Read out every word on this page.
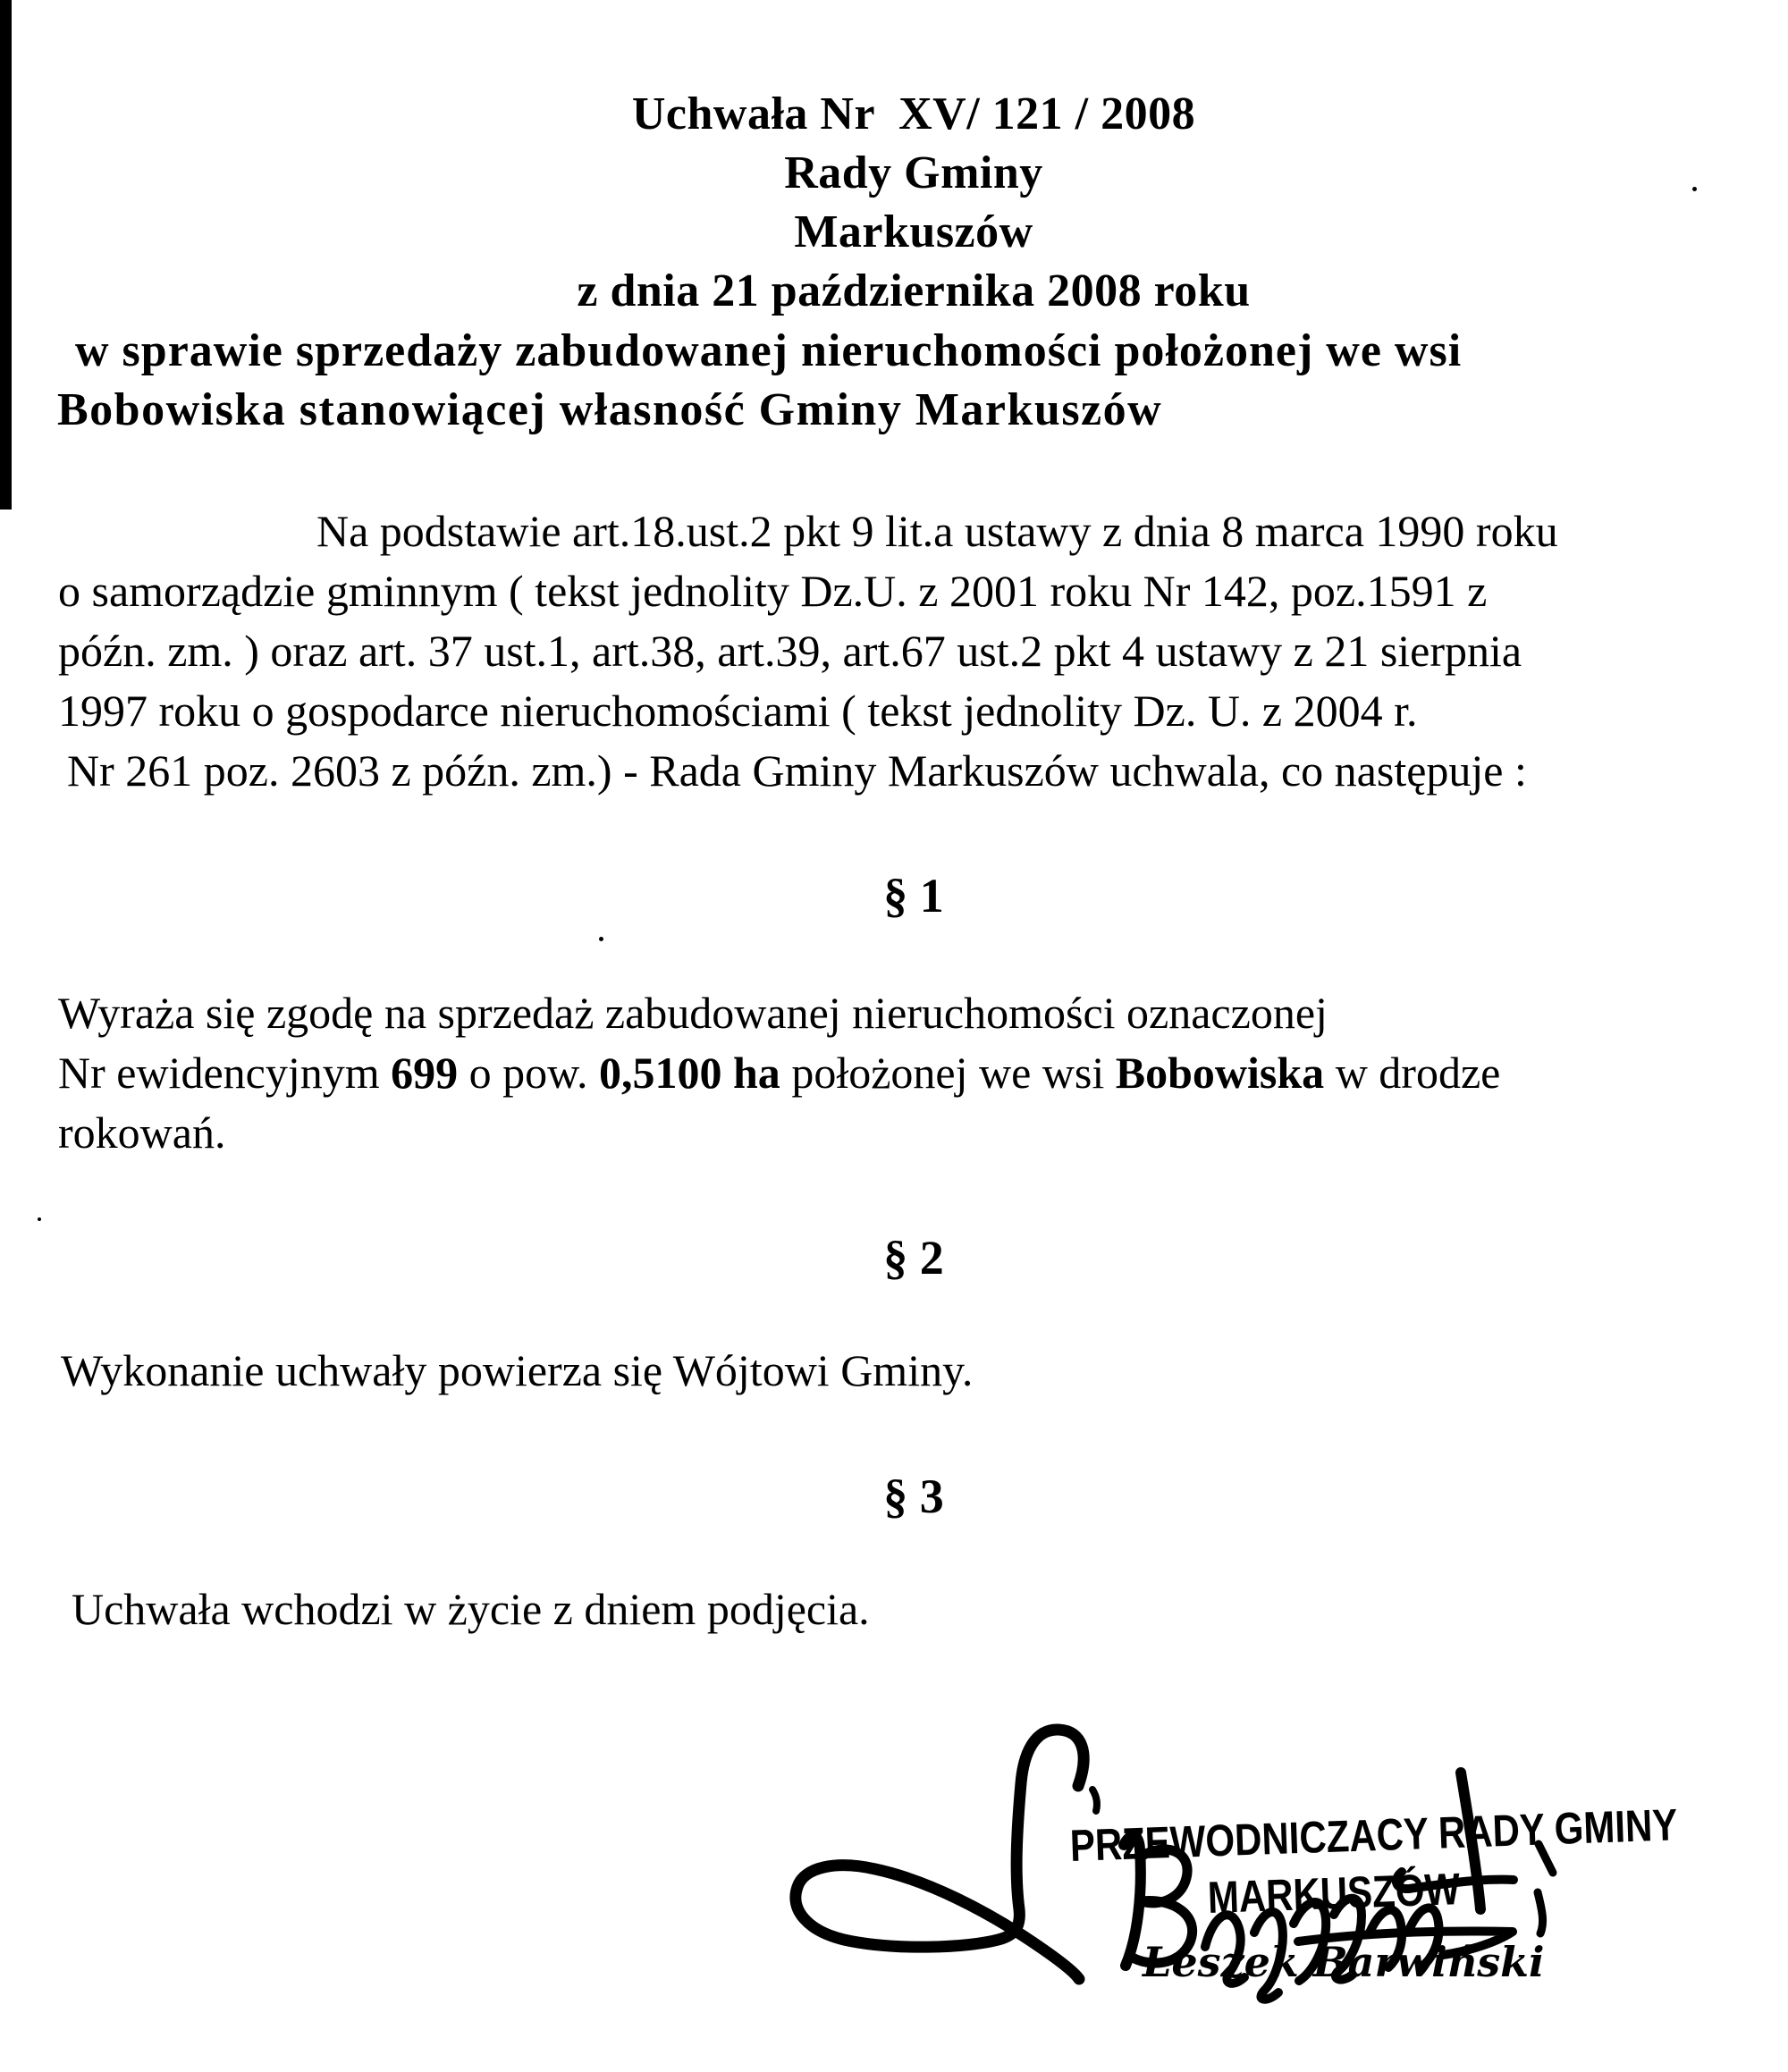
Uchwała Nr  XV/ 121 / 2008
Rady Gminy
Markuszów
z dnia 21 października 2008 roku
w sprawie sprzedaży zabudowanej nieruchomości położonej we wsi
Bobowiska stanowiącej własność Gminy Markuszów
Na podstawie art.18.ust.2 pkt 9 lit.a ustawy z dnia 8 marca 1990 roku
o samorządzie gminnym ( tekst jednolity Dz.U. z 2001 roku Nr 142, poz.1591 z
późn. zm. ) oraz art. 37 ust.1, art.38, art.39, art.67 ust.2 pkt 4 ustawy z 21 sierpnia
1997 roku o gospodarce nieruchomościami ( tekst jednolity Dz. U. z 2004 r.
Nr 261 poz. 2603 z późn. zm.) - Rada Gminy Markuszów uchwala, co następuje :
§ 1
Wyraża się zgodę na sprzedaż zabudowanej nieruchomości oznaczonej
Nr ewidencyjnym 699 o pow. 0,5100 ha położonej we wsi Bobowiska w drodze
rokowań.
§ 2
Wykonanie uchwały powierza się Wójtowi Gminy.
§ 3
Uchwała wchodzi w życie z dniem podjęcia.
PRZEWODNICZACY RADY GMINY
MARKUSZÓW
Leszek Barwiński
